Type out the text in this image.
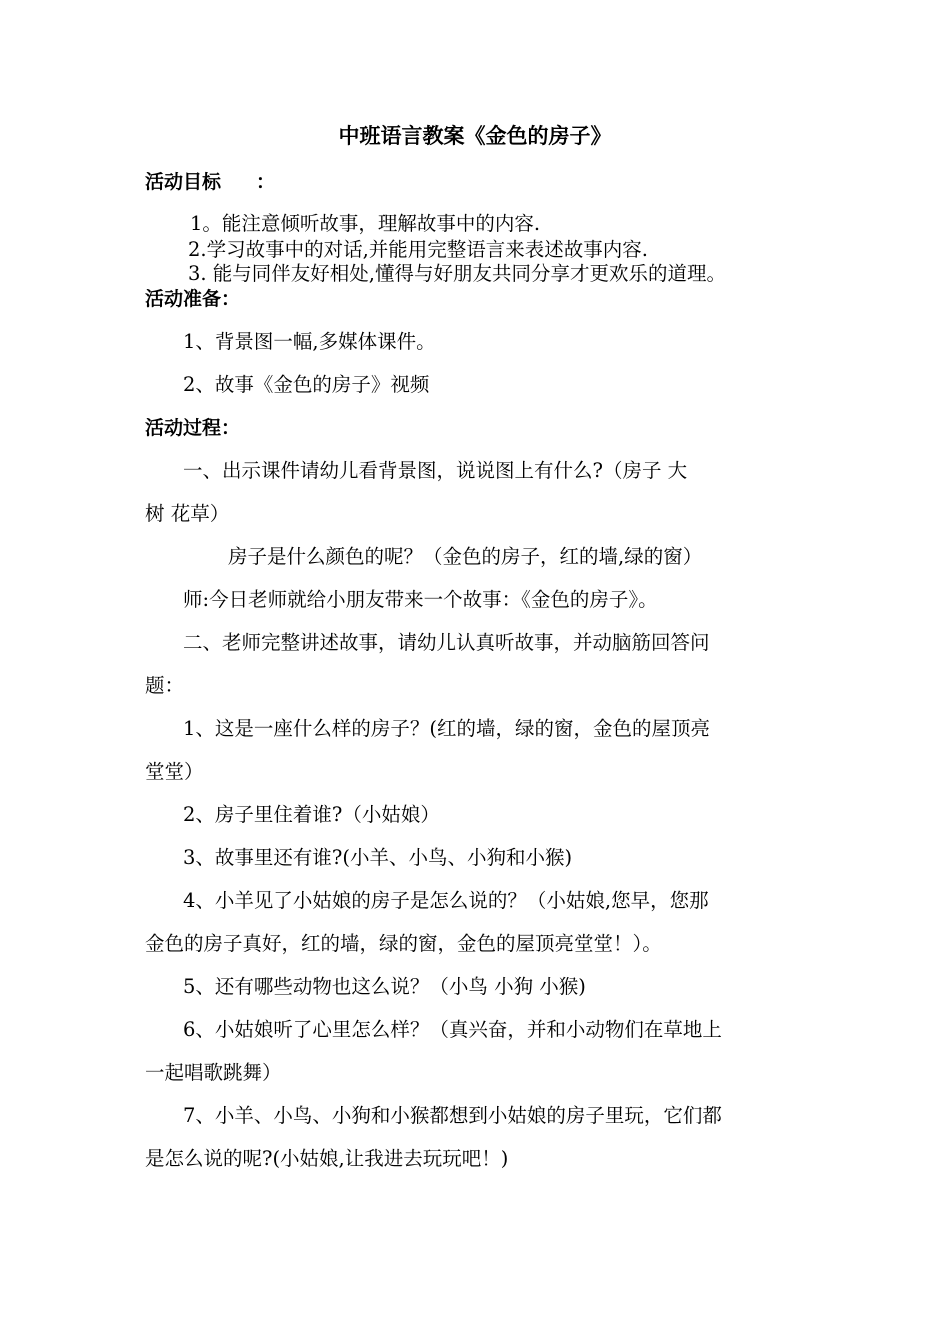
中班语言教案《金色的房子》
活动目标 ：
1。能注意倾听故事，理解故事中的内容.
2.学习故事中的对话,并能用完整语言来表述故事内容.
3. 能与同伴友好相处,懂得与好朋友共同分享才更欢乐的道理。
活动准备：
1、背景图一幅,多媒体课件。
2、故事《金色的房子》视频
活动过程：
一、出示课件请幼儿看背景图，说说图上有什么?（房子 大
树 花草）
房子是什么颜色的呢？（金色的房子，红的墙,绿的窗）
师:今日老师就给小朋友带来一个故事：《金色的房子》。
二、老师完整讲述故事，请幼儿认真听故事，并动脑筋回答问
题：
1、这是一座什么样的房子？(红的墙，绿的窗，金色的屋顶亮
堂堂）
2、房子里住着谁?（小姑娘）
3、故事里还有谁?(小羊、小鸟、小狗和小猴)
4、小羊见了小姑娘的房子是怎么说的？（小姑娘,您早，您那
金色的房子真好，红的墙，绿的窗，金色的屋顶亮堂堂！）。
5、还有哪些动物也这么说？（小鸟 小狗 小猴)
6、小姑娘听了心里怎么样？（真兴奋，并和小动物们在草地上
一起唱歌跳舞）
7、小羊、小鸟、小狗和小猴都想到小姑娘的房子里玩，它们都
是怎么说的呢?(小姑娘,让我进去玩玩吧！)
